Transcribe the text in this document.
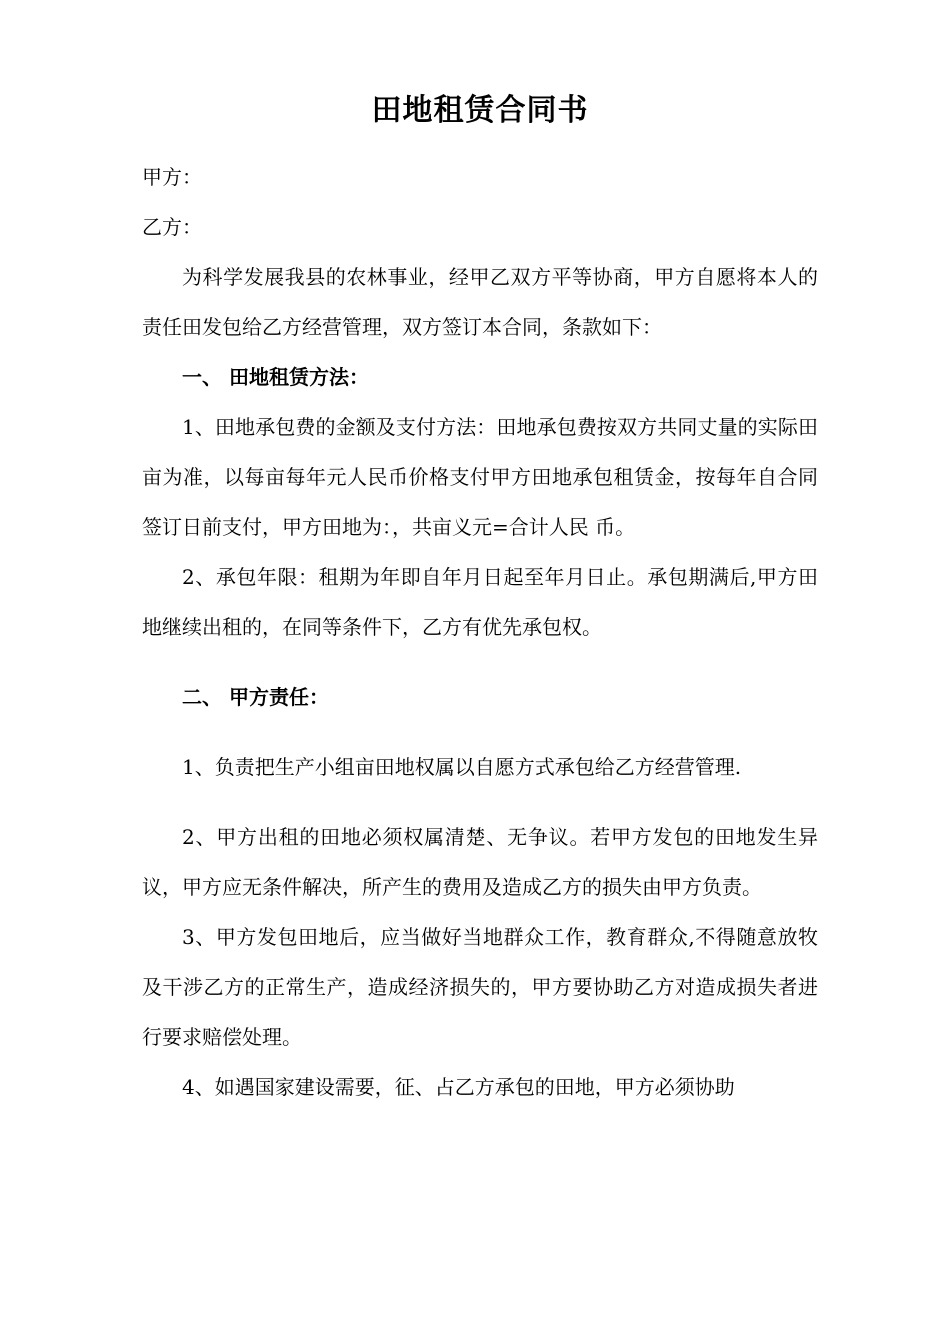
田地租赁合同书

甲方：

乙方：

为科学发展我县的农林事业，经甲乙双方平等协商，甲方自愿将本人的责任田发包给乙方经营管理，双方签订本合同，条款如下：

一、 田地租赁方法：

1、田地承包费的金额及支付方法：田地承包费按双方共同丈量的实际田亩为准，以每亩每年元人民币价格支付甲方田地承包租赁金，按每年自合同签订日前支付，甲方田地为：，共亩义元=合计人民 币。

2、承包年限：租期为年即自年月日起至年月日止。承包期满后,甲方田地继续出租的，在同等条件下，乙方有优先承包权。

二、 甲方责任：

1、负责把生产小组亩田地权属以自愿方式承包给乙方经营管理.

2、甲方出租的田地必须权属清楚、无争议。若甲方发包的田地发生异议，甲方应无条件解决，所产生的费用及造成乙方的损失由甲方负责。

3、甲方发包田地后，应当做好当地群众工作，教育群众,不得随意放牧及干涉乙方的正常生产，造成经济损失的，甲方要协助乙方对造成损失者进行要求赔偿处理。

4、如遇国家建设需要，征、占乙方承包的田地，甲方必须协助
